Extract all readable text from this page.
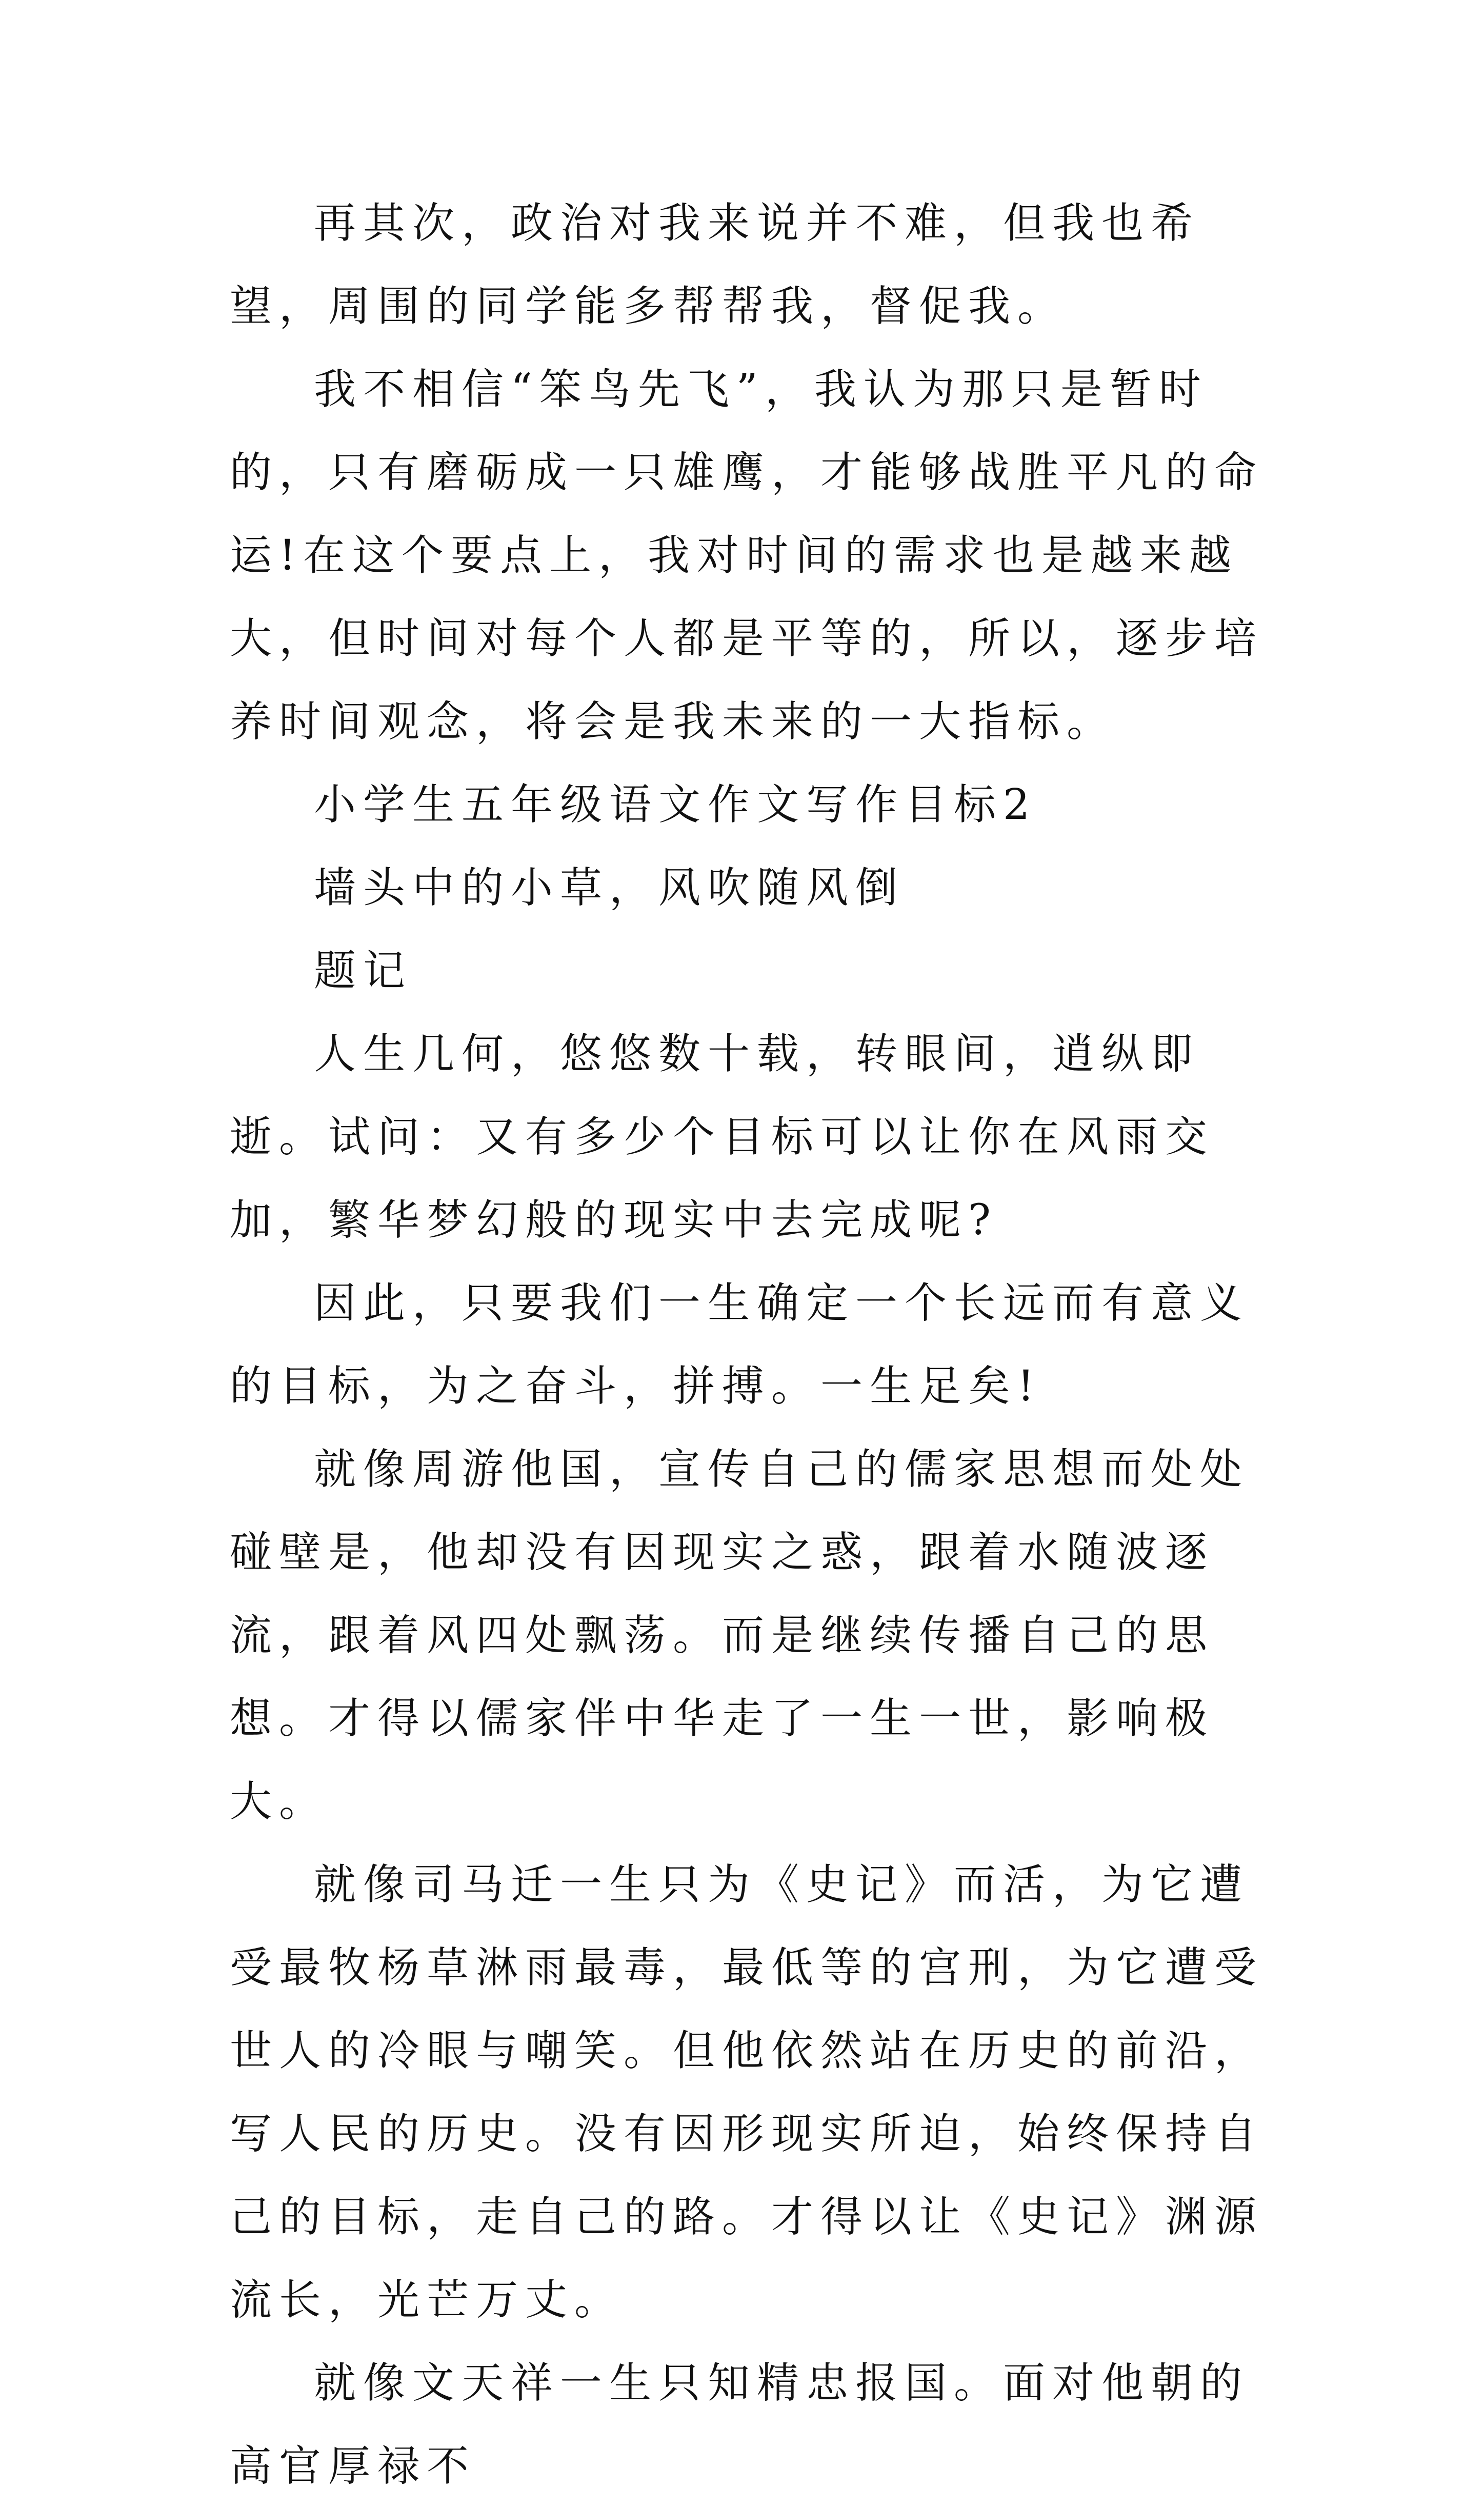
再其次，政治对我来说并不难，但我也希望，周围的同学能多帮帮我，督促我。

我不相信“笨鸟先飞”，我认为那只是暂时的，只有磨砺成一只雄鹰，才能够战胜平凡的命运!在这个要点上，我对时间的需求也是越来越大，但时间对每个人都是平等的，所以，逐步培养时间观念，将会是我未来的一大指标。

小学生五年级语文作文写作目标2

墙头中的小草，风吹随风倒

题记

人生几何，悠悠数十载，转眼间，逍纵即逝。试问：又有多少个目标可以让你在风雨交加，繁华梦幻般的现实中去完成呢?

因此，只要我们一生确定一个长远而有意义的目标，为之奋斗，拼搏。一生足矣!

就像周游他国，宣传自己的儒家思想而处处碰壁是，他却没有因现实之惑，跟着水随波逐流，跟着风四处飘荡。而是继续传播自己的思想。才得以儒家伴中华走了一生一世，影响极大。

就像司马迁一生只为《史记》而活，为它遭受最牧杨草淋雨最毒，最低等的宫刑，为它遭受世人的冷眼与嘲笑。但他依然站在历史的前沿，写人民的历史。没有因形现实所迫，始终保持自己的目标，走自己的路。才得以让《史记》渊源流长，光芒万丈。

就像文天祥一生只知精忠报国。面对他朝的高官厚禄不
